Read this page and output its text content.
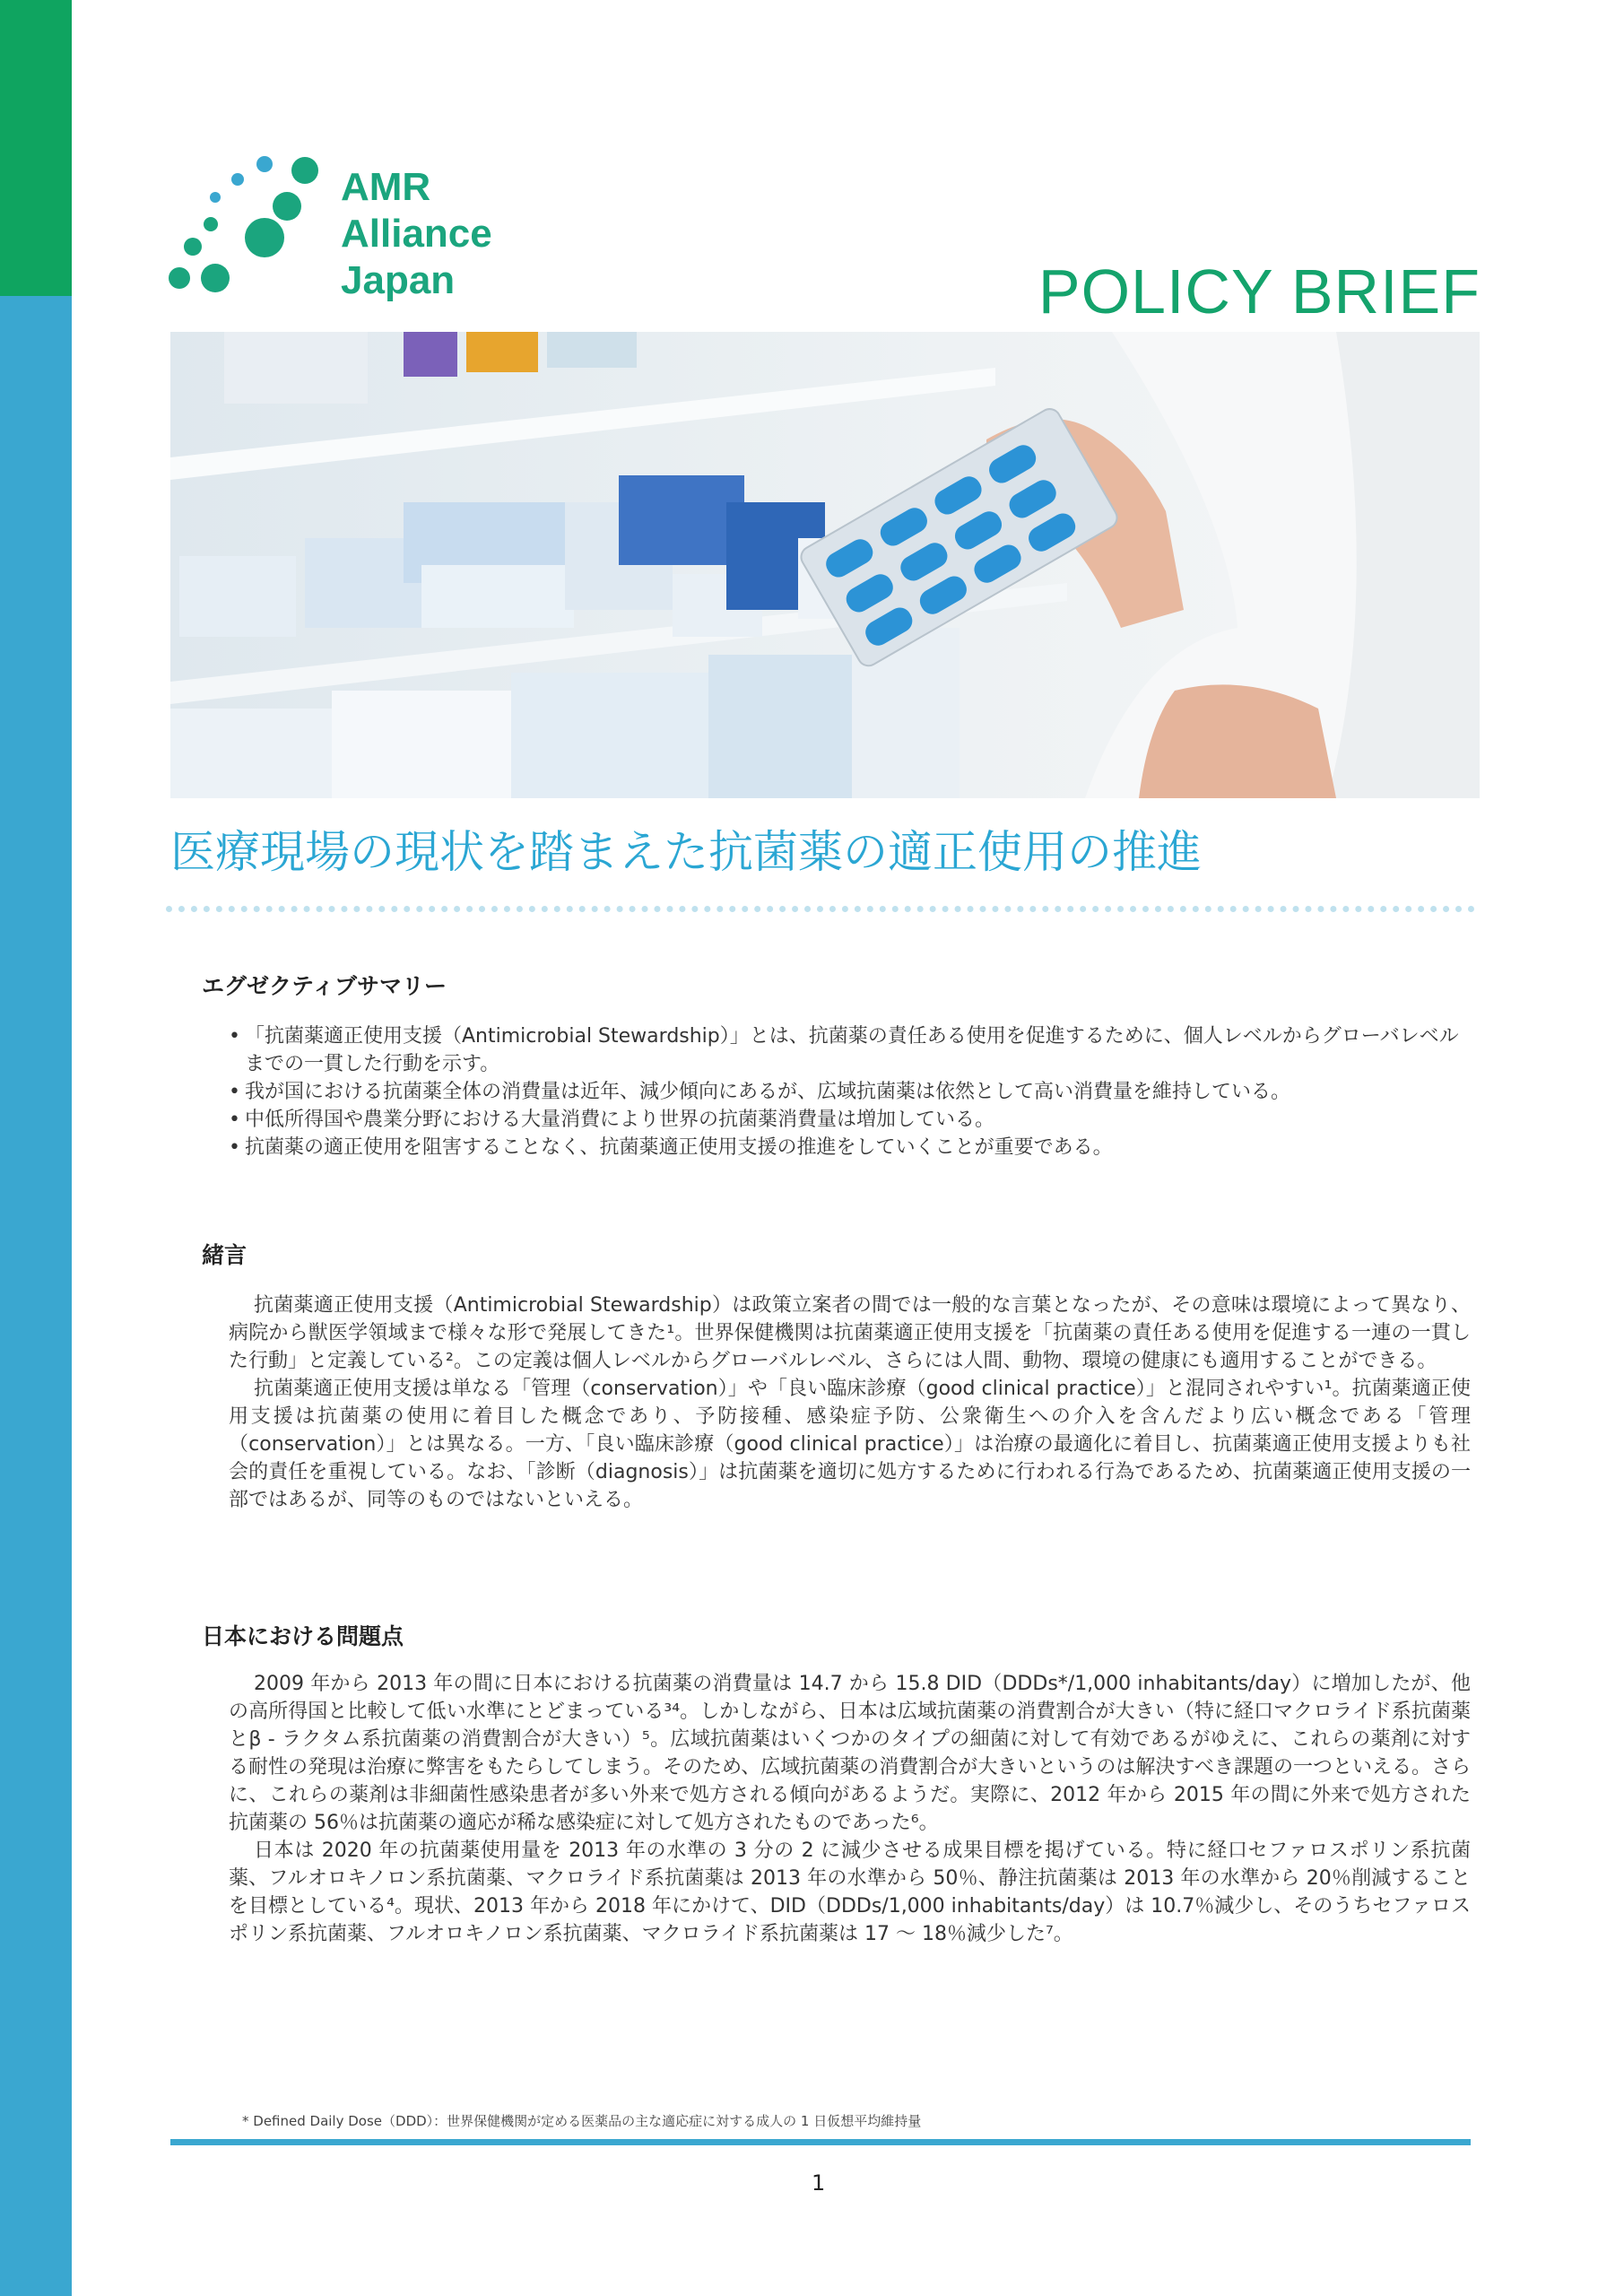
AMR
Alliance
Japan	POLICY BRIEF
医療現場の現状を踏まえた抗菌薬の適正使用の推進
エグゼクティブサマリー
• 「抗菌薬適正使用支援（Antimicrobial Stewardship）」とは、抗菌薬の責任ある使用を促進するために、個人レベルからグローバレベルまでの一貫した行動を示す。
• 我が国における抗菌薬全体の消費量は近年、減少傾向にあるが、広域抗菌薬は依然として高い消費量を維持している。
• 中低所得国や農業分野における大量消費により世界の抗菌薬消費量は増加している。
• 抗菌薬の適正使用を阻害することなく、抗菌薬適正使用支援の推進をしていくことが重要である。
緒言

抗菌薬適正使用支援（Antimicrobial Stewardship）は政策立案者の間では一般的な言葉となったが、その意味は環境によって異なり、病院から獣医学領域まで様々な形で発展してきた¹。世界保健機関は抗菌薬適正使用支援を「抗菌薬の責任ある使用を促進する一連の一貫した行動」と定義している²。この定義は個人レベルからグローバルレベル、さらには人間、動物、環境の健康にも適用することができる。

抗菌薬適正使用支援は単なる「管理（conservation）」や「良い臨床診療（good clinical practice）」と混同されやすい¹。抗菌薬適正使用支援は抗菌薬の使用に着目した概念であり、予防接種、感染症予防、公衆衛生への介入を含んだより広い概念である「管理（conservation）」とは異なる。一方、「良い臨床診療（good clinical practice）」は治療の最適化に着目し、抗菌薬適正使用支援よりも社会的責任を重視している。なお、「診断（diagnosis）」は抗菌薬を適切に処方するために行われる行為であるため、抗菌薬適正使用支援の一部ではあるが、同等のものではないといえる。

日本における問題点

2009 年から 2013 年の間に日本における抗菌薬の消費量は 14.7 から 15.8 DID（DDDs*/1,000 inhabitants/day）に増加したが、他の高所得国と比較して低い水準にとどまっている³⁴。しかしながら、日本は広域抗菌薬の消費割合が大きい（特に経口マクロライド系抗菌薬とβ - ラクタム系抗菌薬の消費割合が大きい）⁵。広域抗菌薬はいくつかのタイプの細菌に対して有効であるがゆえに、これらの薬剤に対する耐性の発現は治療に弊害をもたらしてしまう。そのため、広域抗菌薬の消費割合が大きいというのは解決すべき課題の一つといえる。さらに、これらの薬剤は非細菌性感染患者が多い外来で処方される傾向があるようだ。実際に、2012 年から 2015 年の間に外来で処方された抗菌薬の 56％は抗菌薬の適応が稀な感染症に対して処方されたものであった⁶。

日本は 2020 年の抗菌薬使用量を 2013 年の水準の 3 分の 2 に減少させる成果目標を掲げている。特に経口セファロスポリン系抗菌薬、フルオロキノロン系抗菌薬、マクロライド系抗菌薬は 2013 年の水準から 50％、静注抗菌薬は 2013 年の水準から 20％削減することを目標としている⁴。現状、2013 年から 2018 年にかけて、DID（DDDs/1,000 inhabitants/day）は 10.7％減少し、そのうちセファロスポリン系抗菌薬、フルオロキノロン系抗菌薬、マクロライド系抗菌薬は 17 ～ 18％減少した⁷。

* Defined Daily Dose（DDD）：世界保健機関が定める医薬品の主な適応症に対する成人の 1 日仮想平均維持量
1
